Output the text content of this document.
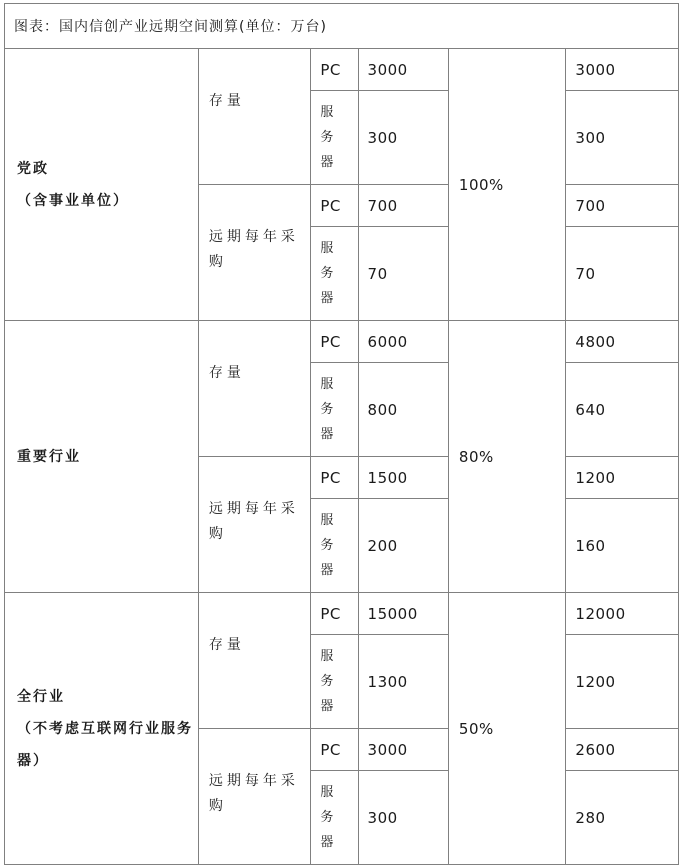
图表：国内信创产业远期空间测算(单位：万台)					
党政
（含事业单位）	存量	PC	3000	100%	3000

		服务器	300		300

	远期每年采购	PC	700		700

		服务器	70		70
重要行业	存量	PC	6000	80%	4800

		服务器	800		640

	远期每年采购	PC	1500		1200

		服务器	200		160
全行业
（不考虑互联网行业服务器）	存量	PC	15000	50%	12000

		服务器	1300		1200

	远期每年采购	PC	3000		2600

		服务器	300		280
